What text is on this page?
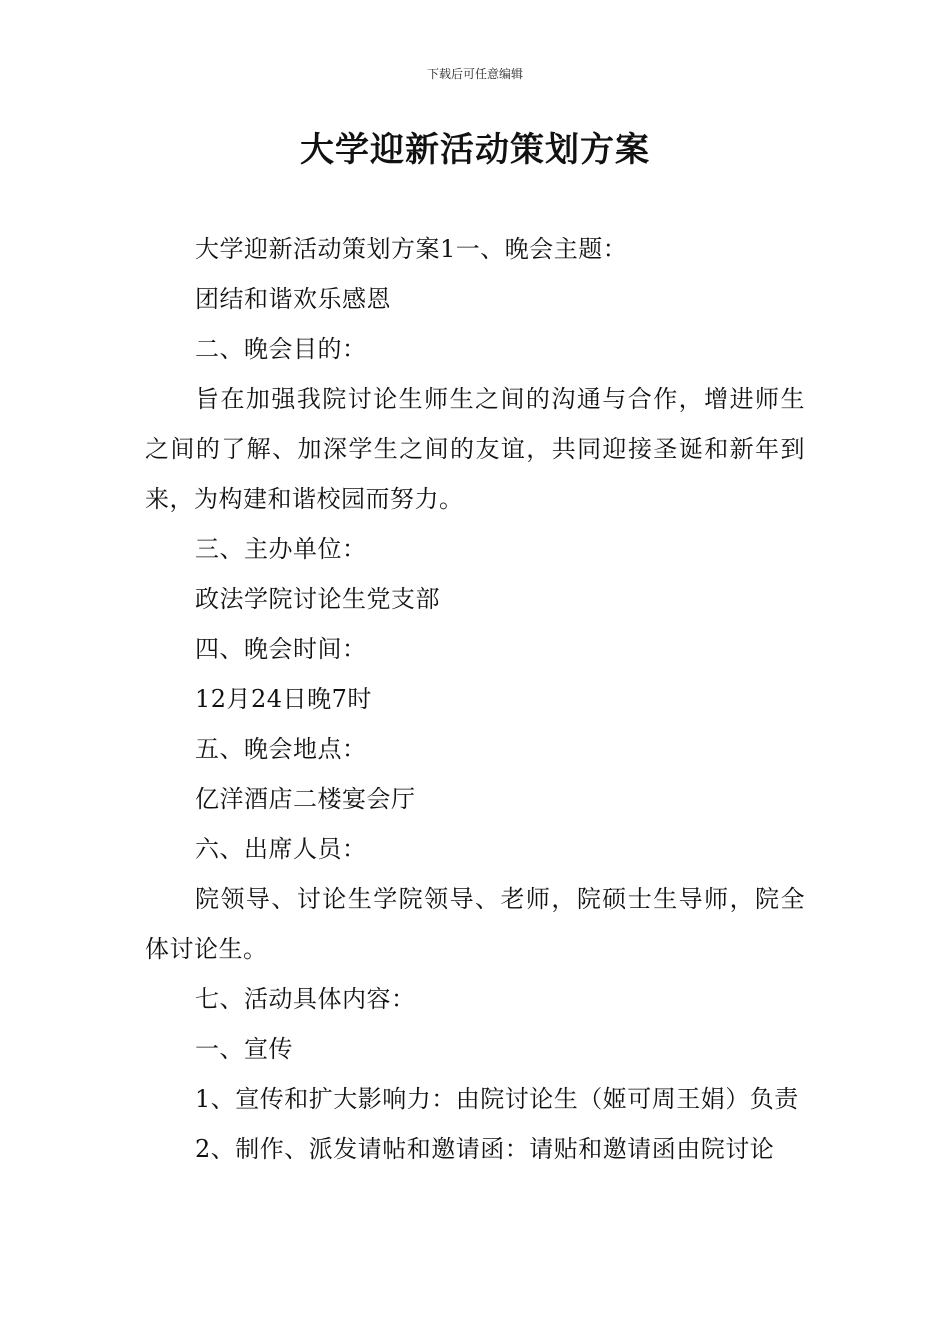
下载后可任意编辑
大学迎新活动策划方案

大学迎新活动策划方案1一、晚会主题：

团结和谐欢乐感恩

二、晚会目的：

旨在加强我院讨论生师生之间的沟通与合作，增进师生之间的了解、加深学生之间的友谊，共同迎接圣诞和新年到来，为构建和谐校园而努力。

三、主办单位：

政法学院讨论生党支部

四、晚会时间：

12月24日晚7时

五、晚会地点：

亿洋酒店二楼宴会厅

六、出席人员：

院领导、讨论生学院领导、老师，院硕士生导师，院全体讨论生。

七、活动具体内容：

一、宣传

1、宣传和扩大影响力：由院讨论生（姬可周王娟）负责

2、制作、派发请帖和邀请函：请贴和邀请函由院讨论
